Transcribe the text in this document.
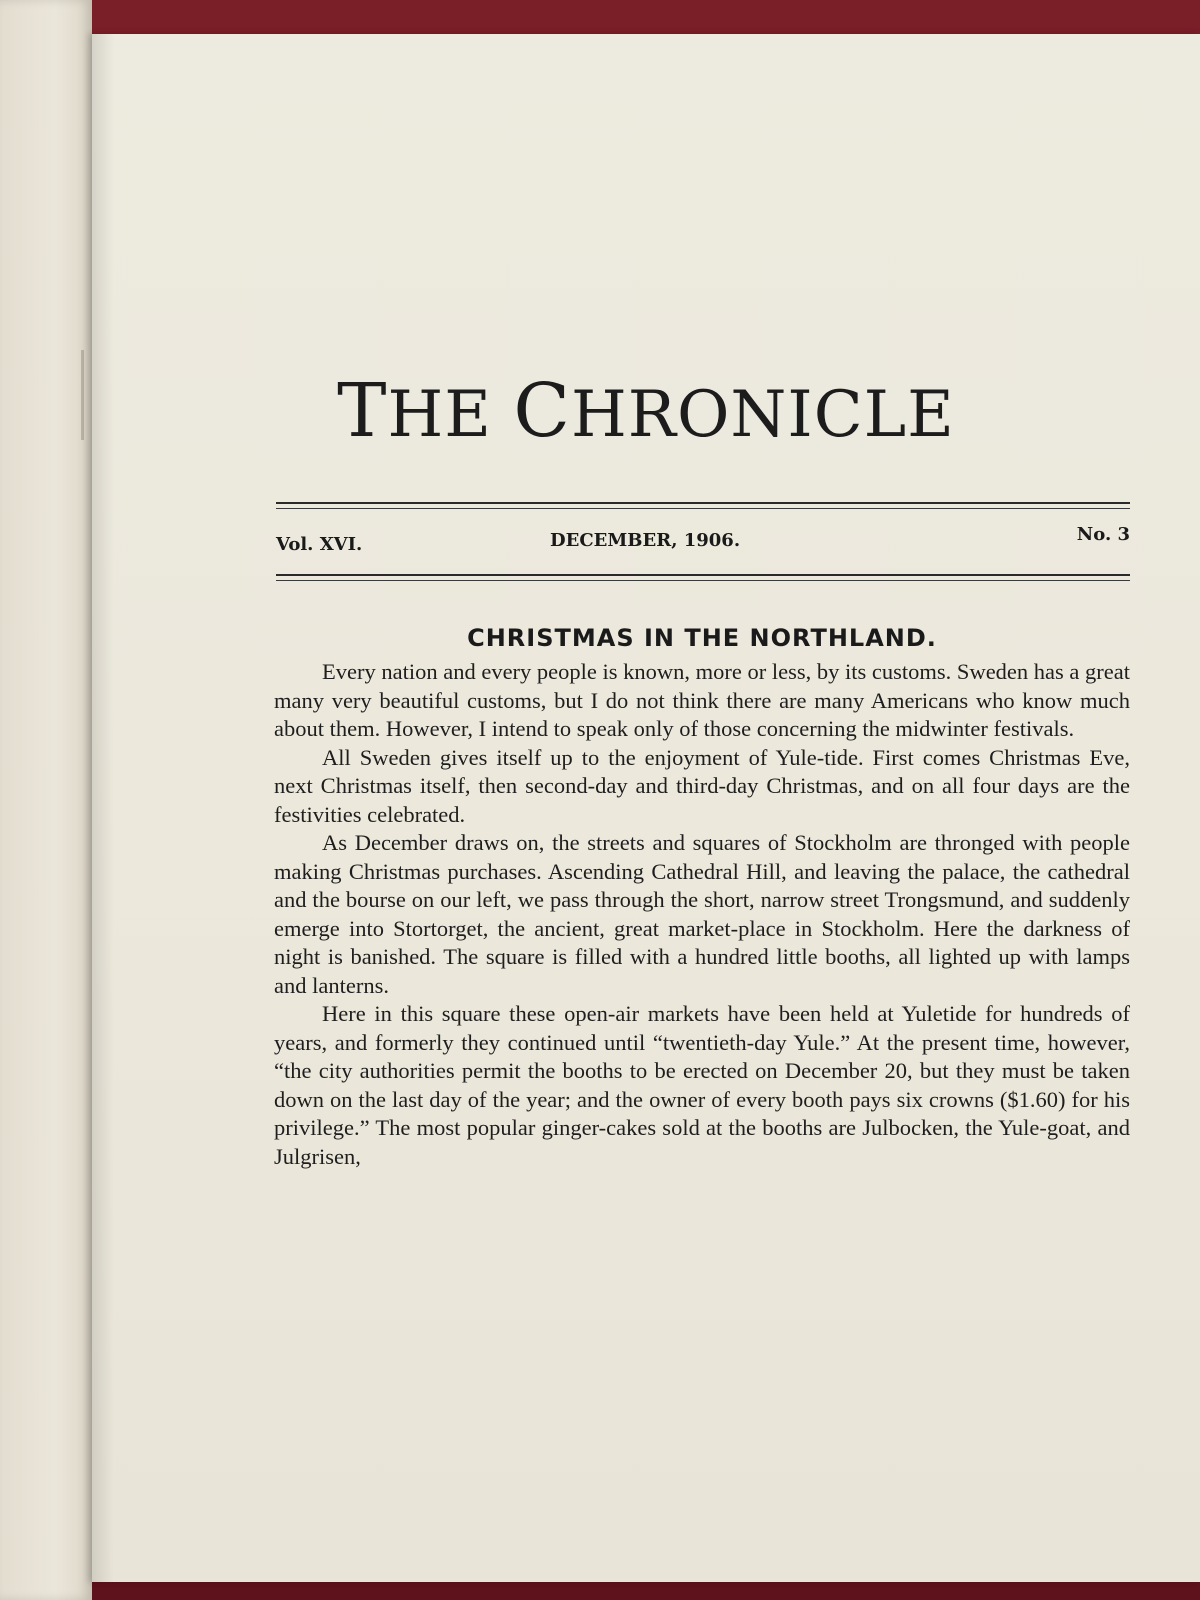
THE CHRONICLE
Vol. XVI.	DECEMBER, 1906.	No. 3
CHRISTMAS IN THE NORTHLAND.

Every nation and every people is known, more or less, by its customs. Sweden has a great many very beautiful customs, but I do not think there are many Americans who know much about them. However, I intend to speak only of those concerning the midwinter festivals.

All Sweden gives itself up to the enjoyment of Yule-tide. First comes Christmas Eve, next Christmas itself, then second-day and third-day Christmas, and on all four days are the festivities celebrated.

As December draws on, the streets and squares of Stockholm are thronged with people making Christmas purchases. Ascending Cathedral Hill, and leaving the palace, the cathedral and the bourse on our left, we pass through the short, narrow street Trongsmund, and suddenly emerge into Stortorget, the ancient, great market-place in Stockholm. Here the darkness of night is banished. The square is filled with a hundred little booths, all lighted up with lamps and lanterns.

Here in this square these open-air markets have been held at Yuletide for hundreds of years, and formerly they continued until “twentieth-day Yule.” At the present time, however, “the city authorities permit the booths to be erected on December 20, but they must be taken down on the last day of the year; and the owner of every booth pays six crowns ($1.60) for his privilege.” The most popular ginger-cakes sold at the booths are Julbocken, the Yule-goat, and Julgrisen,
